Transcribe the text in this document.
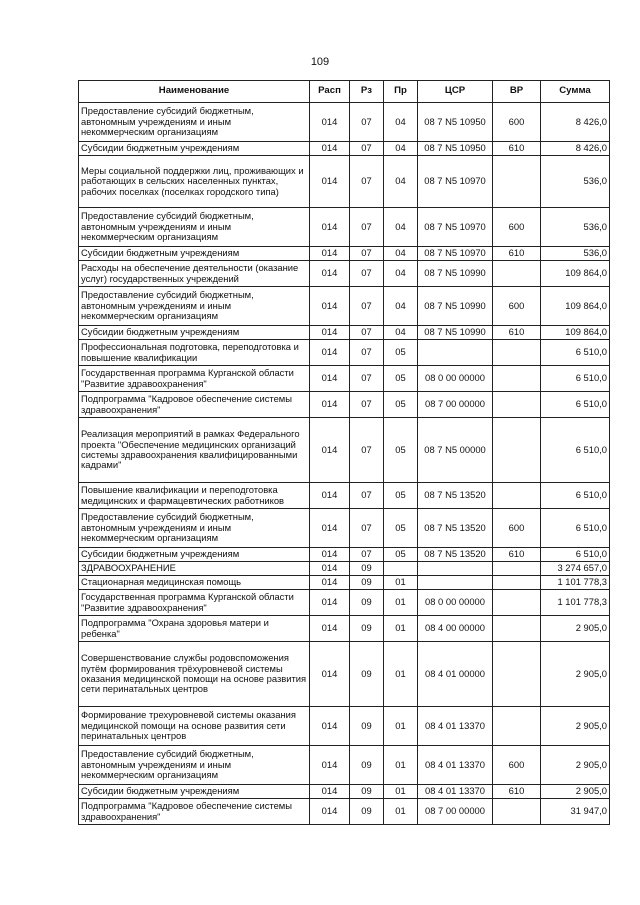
109
Наименование	Расп	Рз	Пр	ЦСР	ВР	Сумма
Предоставление субсидий бюджетным, автономным учреждениям и иным некоммерческим организациям	014	07	04	08 7 N5 10950	600	8 426,0
Субсидии бюджетным учреждениям	014	07	04	08 7 N5 10950	610	8 426,0
Меры социальной поддержки лиц, проживающих и работающих в сельских населенных пунктах, рабочих поселках (поселках городского типа)	014	07	04	08 7 N5 10970		536,0
Предоставление субсидий бюджетным, автономным учреждениям и иным некоммерческим организациям	014	07	04	08 7 N5 10970	600	536,0
Субсидии бюджетным учреждениям	014	07	04	08 7 N5 10970	610	536,0
Расходы на обеспечение деятельности (оказание услуг) государственных учреждений	014	07	04	08 7 N5 10990		109 864,0
Предоставление субсидий бюджетным, автономным учреждениям и иным некоммерческим организациям	014	07	04	08 7 N5 10990	600	109 864,0
Субсидии бюджетным учреждениям	014	07	04	08 7 N5 10990	610	109 864,0
Профессиональная подготовка, переподготовка и повышение квалификации	014	07	05			6 510,0
Государственная программа Курганской области "Развитие здравоохранения"	014	07	05	08 0 00 00000		6 510,0
Подпрограмма "Кадровое обеспечение системы здравоохранения"	014	07	05	08 7 00 00000		6 510,0
Реализация мероприятий в рамках Федерального проекта "Обеспечение медицинских организаций системы здравоохранения квалифицированными кадрами"	014	07	05	08 7 N5 00000		6 510,0
Повышение квалификации и переподготовка медицинских и фармацевтических работников	014	07	05	08 7 N5 13520		6 510,0
Предоставление субсидий бюджетным, автономным учреждениям и иным некоммерческим организациям	014	07	05	08 7 N5 13520	600	6 510,0
Субсидии бюджетным учреждениям	014	07	05	08 7 N5 13520	610	6 510,0
ЗДРАВООХРАНЕНИЕ	014	09				3 274 657,0
Стационарная медицинская помощь	014	09	01			1 101 778,3
Государственная программа Курганской области "Развитие здравоохранения"	014	09	01	08 0 00 00000		1 101 778,3
Подпрограмма "Охрана здоровья матери и ребенка"	014	09	01	08 4 00 00000		2 905,0
Совершенствование службы родовспоможения путём формирования трёхуровневой системы оказания медицинской помощи на основе развития сети перинатальных центров	014	09	01	08 4 01 00000		2 905,0
Формирование трехуровневой системы оказания медицинской помощи на основе развития сети перинатальных центров	014	09	01	08 4 01 13370		2 905,0
Предоставление субсидий бюджетным, автономным учреждениям и иным некоммерческим организациям	014	09	01	08 4 01 13370	600	2 905,0
Субсидии бюджетным учреждениям	014	09	01	08 4 01 13370	610	2 905,0
Подпрограмма "Кадровое обеспечение системы здравоохранения"	014	09	01	08 7 00 00000		31 947,0
